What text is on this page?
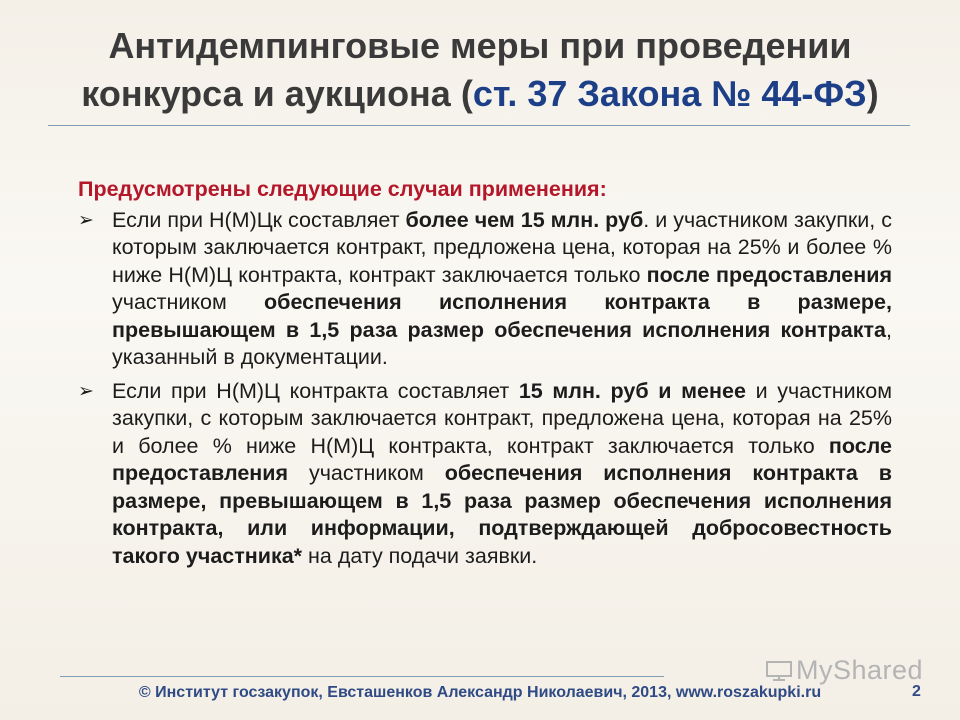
Антидемпинговые меры при проведении конкурса и аукциона (ст. 37 Закона № 44-ФЗ)
Предусмотрены следующие случаи применения:
➢ Если при Н(М)Цк составляет более чем 15 млн. руб. и участником закупки, с которым заключается контракт, предложена цена, которая на 25% и более % ниже Н(М)Ц контракта, контракт заключается только после предоставления участником обеспечения исполнения контракта в размере, превышающем в 1,5 раза размер обеспечения исполнения контракта, указанный в документации.
➢ Если при Н(М)Ц контракта составляет 15 млн. руб и менее и участником закупки, с которым заключается контракт, предложена цена, которая на 25% и более % ниже Н(М)Ц контракта, контракт заключается только после предоставления участником обеспечения исполнения контракта в размере, превышающем в 1,5 раза размер обеспечения исполнения контракта, или информации, подтверждающей добросовестность такого участника* на дату подачи заявки.
MyShared
© Институт госзакупок, Евсташенков Александр Николаевич, 2013, www.roszakupki.ru	2
